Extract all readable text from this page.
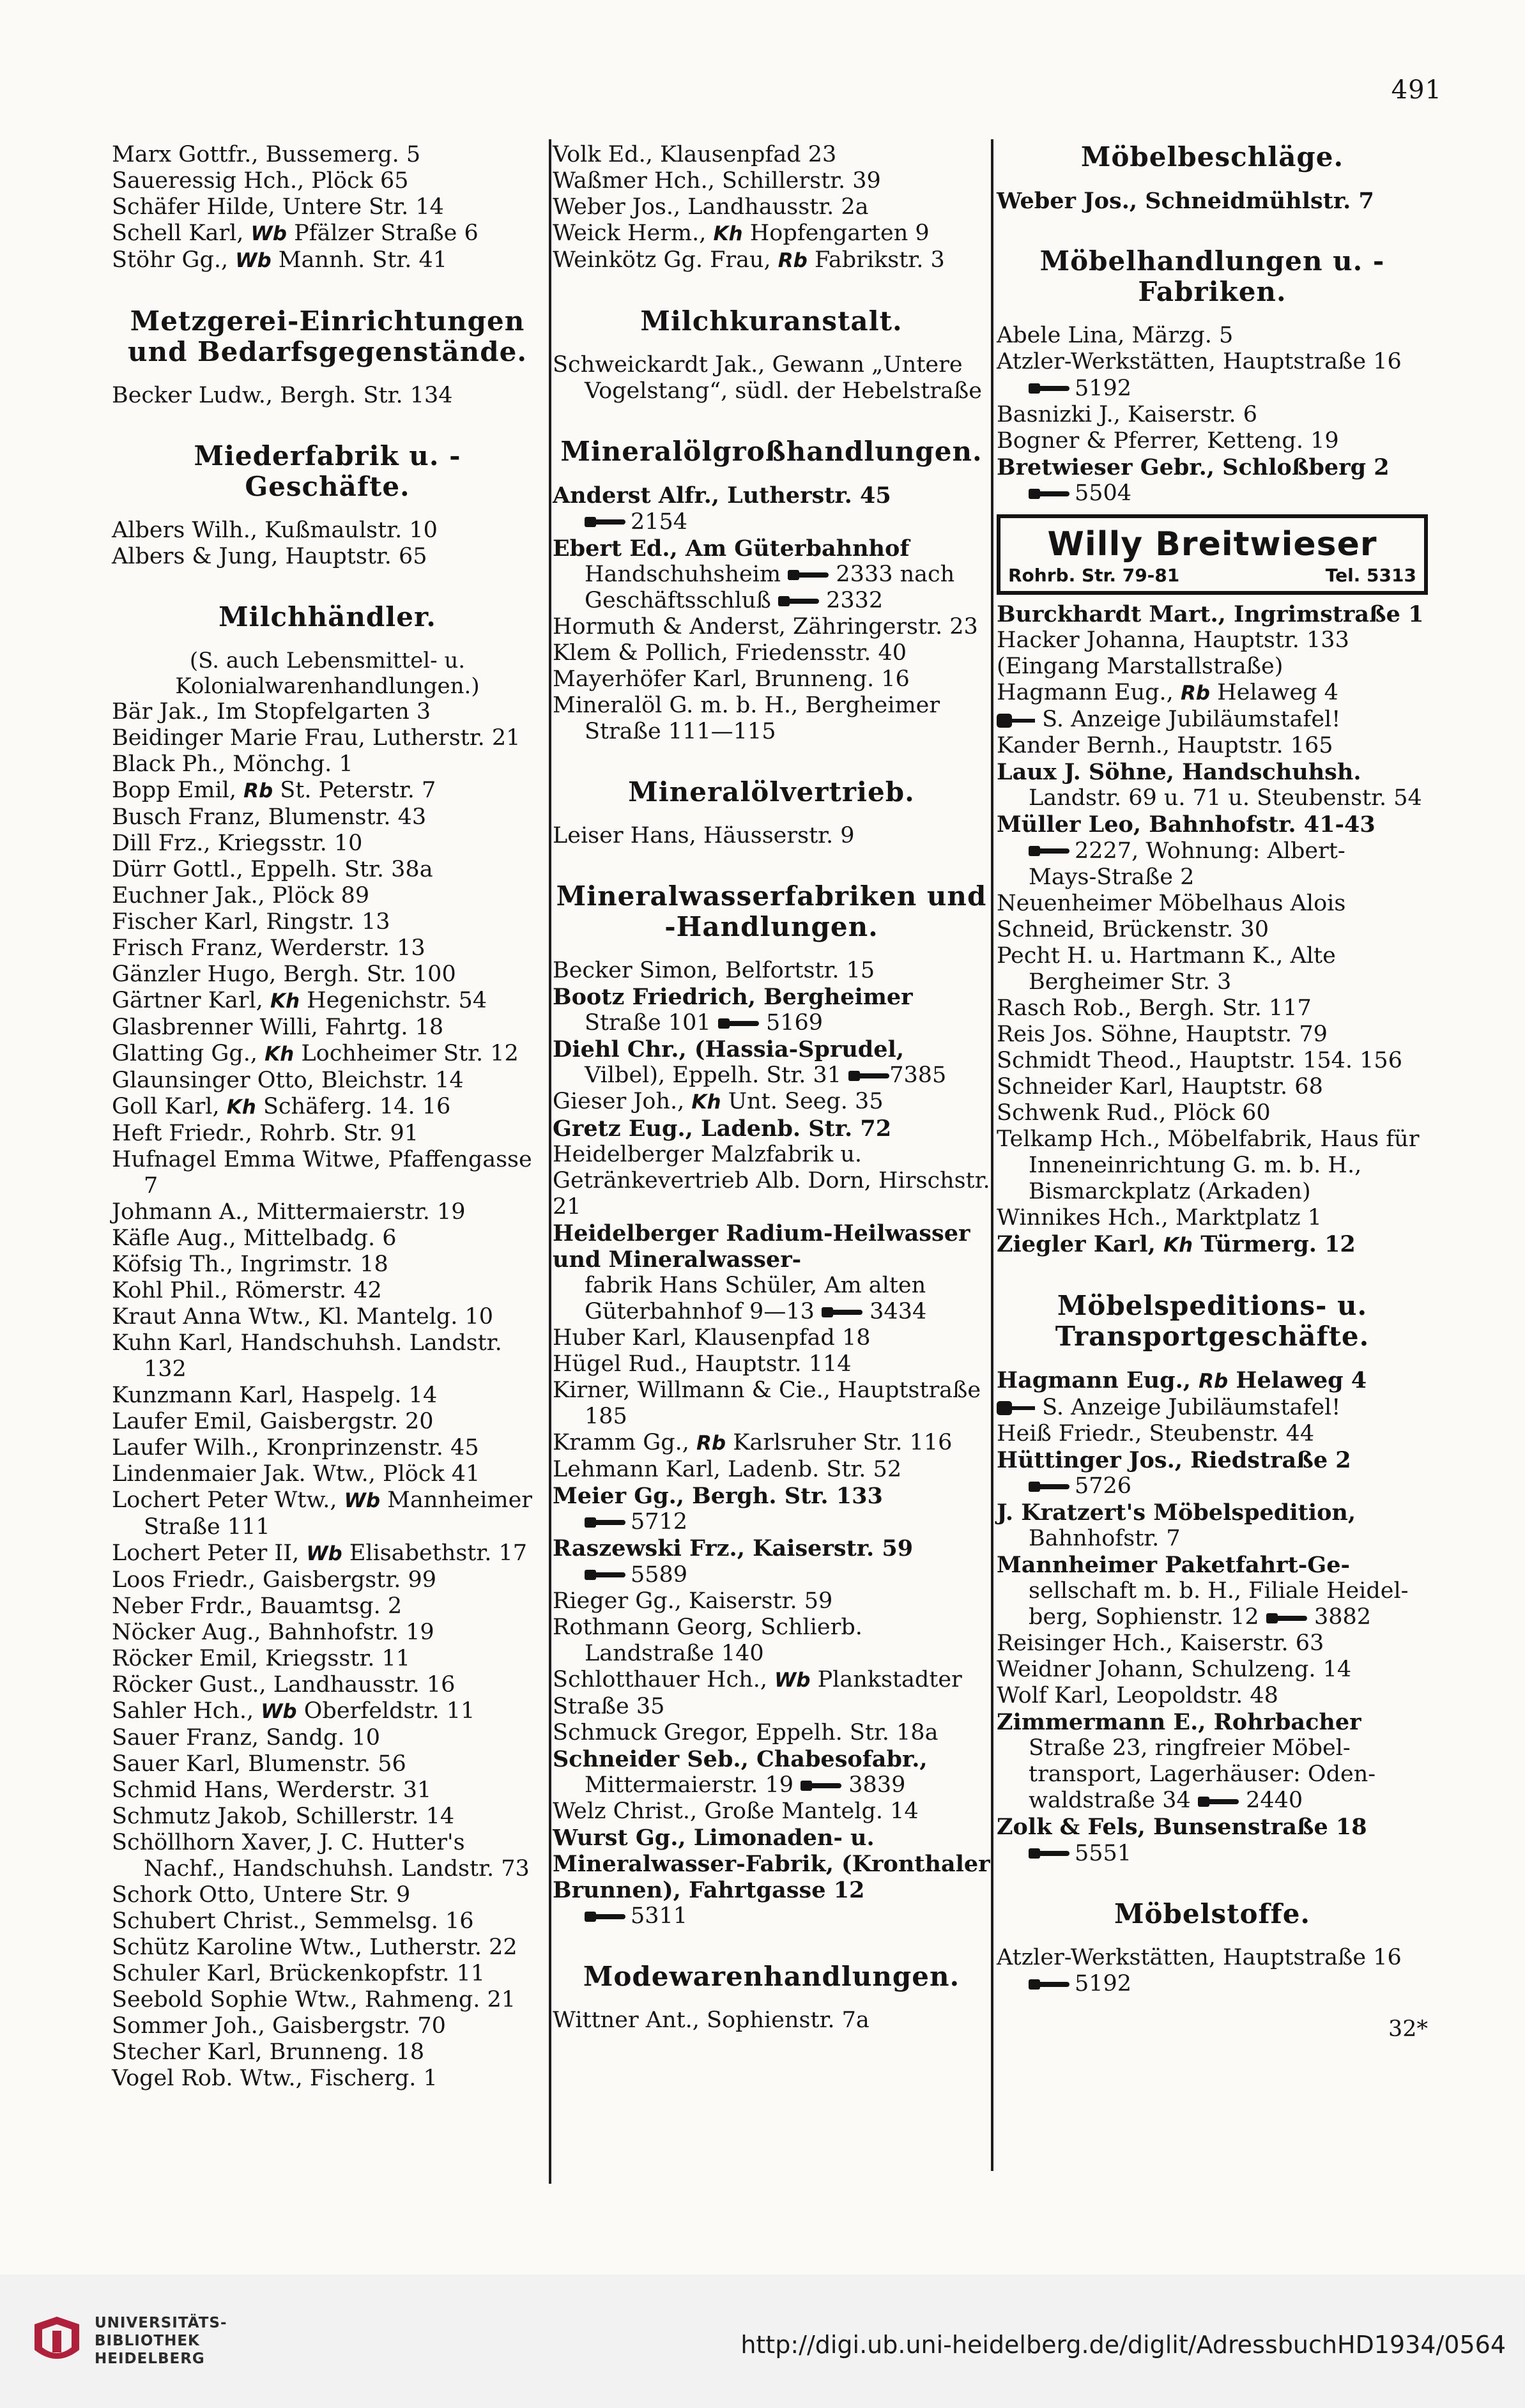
491

Marx Gottfr., Bussemerg. 5

Saueressig Hch., Plöck 65

Schäfer Hilde, Untere Str. 14

Schell Karl, Wb Pfälzer Straße 6

Stöhr Gg., Wb Mannh. Str. 41

Metzgerei-Einrichtungen und Bedarfsgegenstände.

Becker Ludw., Bergh. Str. 134

Miederfabrik u. -Geschäfte.

Albers Wilh., Kußmaulstr. 10

Albers & Jung, Hauptstr. 65

Milchhändler.
(S. auch Lebensmittel- u. Kolonialwarenhandlungen.)

Bär Jak., Im Stopfelgarten 3

Beidinger Marie Frau, Lutherstr. 21

Black Ph., Mönchg. 1

Bopp Emil, Rb St. Peterstr. 7

Busch Franz, Blumenstr. 43

Dill Frz., Kriegsstr. 10

Dürr Gottl., Eppelh. Str. 38a

Euchner Jak., Plöck 89

Fischer Karl, Ringstr. 13

Frisch Franz, Werderstr. 13

Gänzler Hugo, Bergh. Str. 100

Gärtner Karl, Kh Hegenichstr. 54

Glasbrenner Willi, Fahrtg. 18

Glatting Gg., Kh Lochheimer Str. 12

Glaunsinger Otto, Bleichstr. 14

Goll Karl, Kh Schäferg. 14. 16

Heft Friedr., Rohrb. Str. 91

Hufnagel Emma Witwe, Pfaffengasse 7

Johmann A., Mittermaierstr. 19

Käfle Aug., Mittelbadg. 6

Köfsig Th., Ingrimstr. 18

Kohl Phil., Römerstr. 42

Kraut Anna Wtw., Kl. Mantelg. 10

Kuhn Karl, Handschuhsh. Landstr. 132

Kunzmann Karl, Haspelg. 14

Laufer Emil, Gaisbergstr. 20

Laufer Wilh., Kronprinzenstr. 45

Lindenmaier Jak. Wtw., Plöck 41

Lochert Peter Wtw., Wb Mannheimer Straße 111

Lochert Peter II, Wb Elisabethstr. 17

Loos Friedr., Gaisbergstr. 99

Neber Frdr., Bauamtsg. 2

Nöcker Aug., Bahnhofstr. 19

Röcker Emil, Kriegsstr. 11

Röcker Gust., Landhausstr. 16

Sahler Hch., Wb Oberfeldstr. 11

Sauer Franz, Sandg. 10

Sauer Karl, Blumenstr. 56

Schmid Hans, Werderstr. 31

Schmutz Jakob, Schillerstr. 14

Schöllhorn Xaver, J. C. Hutter's Nachf., Handschuhsh. Landstr. 73

Schork Otto, Untere Str. 9

Schubert Christ., Semmelsg. 16

Schütz Karoline Wtw., Lutherstr. 22

Schuler Karl, Brückenkopfstr. 11

Seebold Sophie Wtw., Rahmeng. 21

Sommer Joh., Gaisbergstr. 70

Stecher Karl, Brunneng. 18

Vogel Rob. Wtw., Fischerg. 1

Volk Ed., Klausenpfad 23

Waßmer Hch., Schillerstr. 39

Weber Jos., Landhausstr. 2a

Weick Herm., Kh Hopfengarten 9

Weinkötz Gg. Frau, Rb Fabrikstr. 3

Milchkuranstalt.

Schweickardt Jak., Gewann „Untere Vogelstang“, südl. der Hebelstraße

Mineralölgroßhandlungen.

Anderst Alfr., Lutherstr. 45

2154

Ebert Ed., Am Güterbahnhof

Handschuhsheim 2333 nach

Geschäftsschluß 2332

Hormuth & Anderst, Zähringerstr. 23

Klem & Pollich, Friedensstr. 40

Mayerhöfer Karl, Brunneng. 16

Mineralöl G. m. b. H., Bergheimer Straße 111—115

Mineralölvertrieb.

Leiser Hans, Häusserstr. 9

Mineralwasserfabriken und -Handlungen.

Becker Simon, Belfortstr. 15

Bootz Friedrich, Bergheimer

Straße 101 5169

Diehl Chr., (Hassia-Sprudel,

Vilbel), Eppelh. Str. 31 7385

Gieser Joh., Kh Unt. Seeg. 35

Gretz Eug., Ladenb. Str. 72

Heidelberger Malzfabrik u. Getränkevertrieb Alb. Dorn, Hirschstr. 21

Heidelberger Radium-Heilwasser und Mineralwasser-

fabrik Hans Schüler, Am alten

Güterbahnhof 9—13 3434

Huber Karl, Klausenpfad 18

Hügel Rud., Hauptstr. 114

Kirner, Willmann & Cie., Hauptstraße 185

Kramm Gg., Rb Karlsruher Str. 116

Lehmann Karl, Ladenb. Str. 52

Meier Gg., Bergh. Str. 133

5712

Raszewski Frz., Kaiserstr. 59

5589

Rieger Gg., Kaiserstr. 59

Rothmann Georg, Schlierb. Landstraße 140

Schlotthauer Hch., Wb Plankstadter Straße 35

Schmuck Gregor, Eppelh. Str. 18a

Schneider Seb., Chabesofabr.,

Mittermaierstr. 19 3839

Welz Christ., Große Mantelg. 14

Wurst Gg., Limonaden- u. Mineralwasser-Fabrik, (Kronthaler Brunnen), Fahrtgasse 12

5311

Modewarenhandlungen.

Wittner Ant., Sophienstr. 7a

Möbelbeschläge.

Weber Jos., Schneidmühlstr. 7

Möbelhandlungen u. -Fabriken.

Abele Lina, Märzg. 5

Atzler-Werkstätten, Hauptstraße 16

5192

Basnizki J., Kaiserstr. 6

Bogner & Pferrer, Ketteng. 19

Bretwieser Gebr., Schloßberg 2

5504

Willy Breitwieser
Rohrb. Str. 79-81	Tel. 5313

Burckhardt Mart., Ingrimstraße 1

Hacker Johanna, Hauptstr. 133 (Eingang Marstallstraße)

Hagmann Eug., Rb Helaweg 4

S. Anzeige Jubiläumstafel!

Kander Bernh., Hauptstr. 165

Laux J. Söhne, Handschuhsh.

Landstr. 69 u. 71 u. Steubenstr. 54

Müller Leo, Bahnhofstr. 41-43

2227, Wohnung: Albert-

Mays-Straße 2

Neuenheimer Möbelhaus Alois Schneid, Brückenstr. 30

Pecht H. u. Hartmann K., Alte Bergheimer Str. 3

Rasch Rob., Bergh. Str. 117

Reis Jos. Söhne, Hauptstr. 79

Schmidt Theod., Hauptstr. 154. 156

Schneider Karl, Hauptstr. 68

Schwenk Rud., Plöck 60

Telkamp Hch., Möbelfabrik, Haus für Inneneinrichtung G. m. b. H., Bismarckplatz (Arkaden)

Winnikes Hch., Marktplatz 1

Ziegler Karl, Kh Türmerg. 12

Möbelspeditions- u. Transportgeschäfte.

Hagmann Eug., Rb Helaweg 4

S. Anzeige Jubiläumstafel!

Heiß Friedr., Steubenstr. 44

Hüttinger Jos., Riedstraße 2

5726

J. Kratzert's Möbelspedition,

Bahnhofstr. 7

Mannheimer Paketfahrt-Ge-

sellschaft m. b. H., Filiale Heidel-

berg, Sophienstr. 12 3882

Reisinger Hch., Kaiserstr. 63

Weidner Johann, Schulzeng. 14

Wolf Karl, Leopoldstr. 48

Zimmermann E., Rohrbacher

Straße 23, ringfreier Möbel-

transport, Lagerhäuser: Oden-

waldstraße 34 2440

Zolk & Fels, Bunsenstraße 18

5551

Möbelstoffe.

Atzler-Werkstätten, Hauptstraße 16

5192

32*

UNIVERSITÄTS-
BIBLIOTHEK
HEIDELBERG	http://digi.ub.uni-heidelberg.de/diglit/AdressbuchHD1934/0564
